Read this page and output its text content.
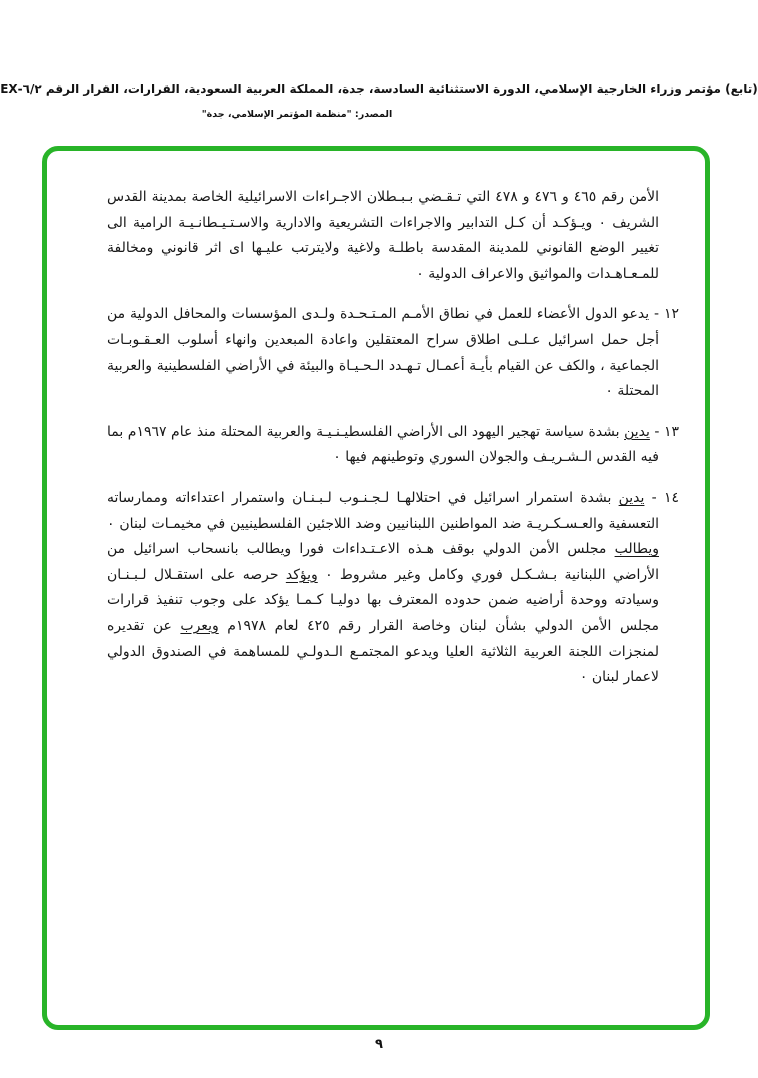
(تابع) مؤتمر وزراء الخارجية الإسلامي، الدورة الاستثنائية السادسة، جدة، المملكة العربية السعودية، القرارات، القرار الرقم ٦/٢-EX
المصدر: "منظمة المؤتمر الإسلامي، جدة"
الأمن رقم ٤٦٥ و ٤٧٦ و ٤٧٨ التي تـقـضي بـبـطلان الاجـراءات الاسرائيلية الخاصة بمدينة القدس الشريف ٠ ويـؤكـد أن كـل التدابير والاجراءات التشريعية والادارية والاسـتـيـطانـيـة الرامية الى تغيير الوضع القانوني للمدينة المقدسة باطلـة ولاغية ولايترتب عليـها اى اثر قانوني ومخالفة للمـعـاهـدات والمواثيق والاعراف الدولية ٠
١٢ - يدعو الدول الأعضاء للعمل في نطاق الأمـم المـتـحـدة ولـدى المؤسسات والمحافل الدولية من أجل حمل اسرائيل عـلـى اطلاق سراح المعتقلين واعادة المبعدين وانهاء أسلوب العـقـوبـات الجماعية ، والكف عن القيام بأيـة أعمـال تـهـدد الـحـيـاة والبيئة في الأراضي الفلسطينية والعربية المحتلة ٠
١٣ - يدين بشدة سياسة تهجير اليهود الى الأراضي الفلسطيـنـيـة والعربية المحتلة منذ عام ١٩٦٧م بما فيه القدس الـشـريـف والجولان السوري وتوطينهم فيها ٠
١٤ - يدين بشدة استمرار اسرائيل في احتلالهـا لـجـنـوب لـبـنـان واستمرار اعتداءاته وممارساته التعسفية والعـسـكـريـة ضد المواطنين اللبنانيين وضد اللاجئين الفلسطينيين في مخيمـات لبنان ٠ ويطالب مجلس الأمن الدولي بوقف هـذه الاعـتـداءات فورا ويطالب بانسحاب اسرائيل من الأراضي اللبنانية بـشـكـل فوري وكامل وغير مشروط ٠ ويؤكد حرصه على استقـلال لـبـنـان وسيادته ووحدة أراضيه ضمن حدوده المعترف بها دوليـا كـمـا يؤكد على وجوب تنفيذ قرارات مجلس الأمن الدولي بشأن لبنان وخاصة القرار رقم ٤٢٥ لعام ١٩٧٨م ويعرب عن تقديره لمنجزات اللجنة العربية الثلاثية العليا ويدعو المجتمـع الـدولـي للمساهمة في الصندوق الدولي لاعمار لبنان ٠
٩
